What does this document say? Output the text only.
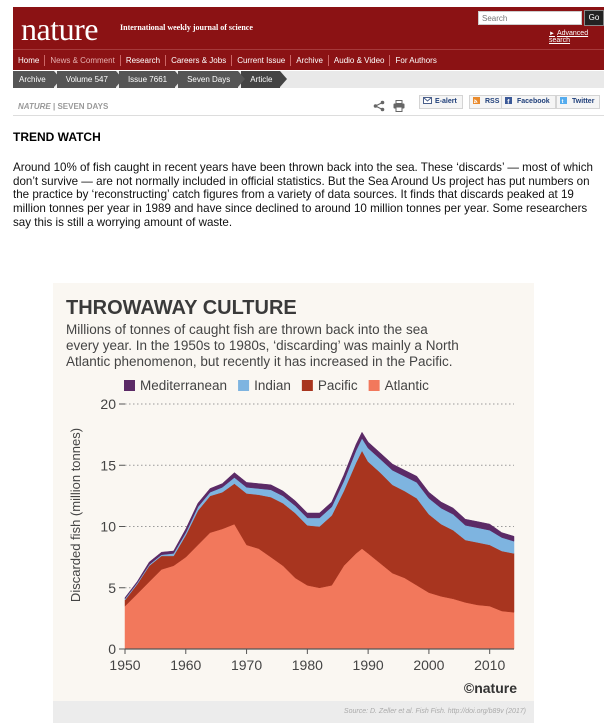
nature	International weekly journal of science
Search
Go
► Advanced search
Home	News & Comment	Research	Careers & Jobs	Current Issue	Archive	Audio & Video	For Authors
Archive	Volume 547	Issue 7661	Seven Days	Article
NATURE | SEVEN DAYS
E-alert	RSS	f Facebook	t Twitter
TREND WATCH
Around 10% of fish caught in recent years have been thrown back into the sea. These ‘discards’ — most of which don’t survive — are not normally included in official statistics. But the Sea Around Us project has put numbers on the practice by ‘reconstructing’ catch figures from a variety of data sources. It finds that discards peaked at 19 million tonnes per year in 1989 and have since declined to around 10 million tonnes per year. Some researchers say this is still a worrying amount of waste.
THROWAWAY CULTURE
Millions of tonnes of caught fish are thrown back into the sea
every year. In the 1950s to 1980s, ‘discarding’ was mainly a North
Atlantic phenomenon, but recently it has increased in the Pacific.
Mediterranean Indian Pacific Atlantic
0
5
10
15
20
1950 1960 1970 1980 1990 2000 2010
Discarded fish (million tonnes)
©nature
Source: D. Zeller et al. Fish Fish. http://doi.org/b89v (2017)
